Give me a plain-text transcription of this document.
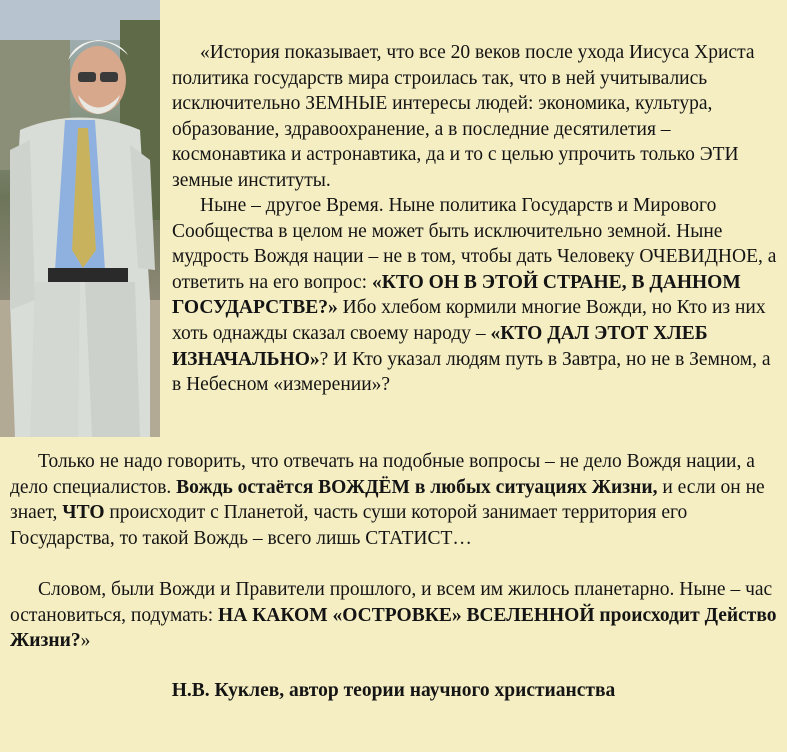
«История показывает, что все 20 веков после ухода Иисуса Христа политика государств мира строилась так, что в ней учитывались исключительно ЗЕМНЫЕ интересы людей: экономика, культура, образование, здравоохранение, а в последние десятилетия – космонавтика и астронавтика, да и то с целью упрочить только ЭТИ земные институты.

Ныне – другое Время. Ныне политика Государств и Мирового Сообщества в целом не может быть исключительно земной. Ныне мудрость Вождя нации – не в том, чтобы дать Человеку ОЧЕВИДНОЕ, а ответить на его вопрос: «КТО ОН В ЭТОЙ СТРАНЕ, В ДАННОМ ГОСУДАРСТВЕ?» Ибо хлебом кормили многие Вожди, но Кто из них хоть однажды сказал своему народу – «КТО ДАЛ ЭТОТ ХЛЕБ ИЗНАЧАЛЬНО»? И Кто указал людям путь в Завтра, но не в Земном, а в Небесном «измерении»?

Только не надо говорить, что отвечать на подобные вопросы – не дело Вождя нации, а дело специалистов. Вождь остаётся ВОЖДЁМ в любых ситуациях Жизни, и если он не знает, ЧТО происходит с Планетой, часть суши которой занимает территория его Государства, то такой Вождь – всего лишь СТАТИСТ…

Словом, были Вожди и Правители прошлого, и всем им жилось планетарно. Ныне – час остановиться, подумать: НА КАКОМ «ОСТРОВКЕ» ВСЕЛЕННОЙ происходит Действо Жизни?»

Н.В. Куклев, автор теории научного христианства
